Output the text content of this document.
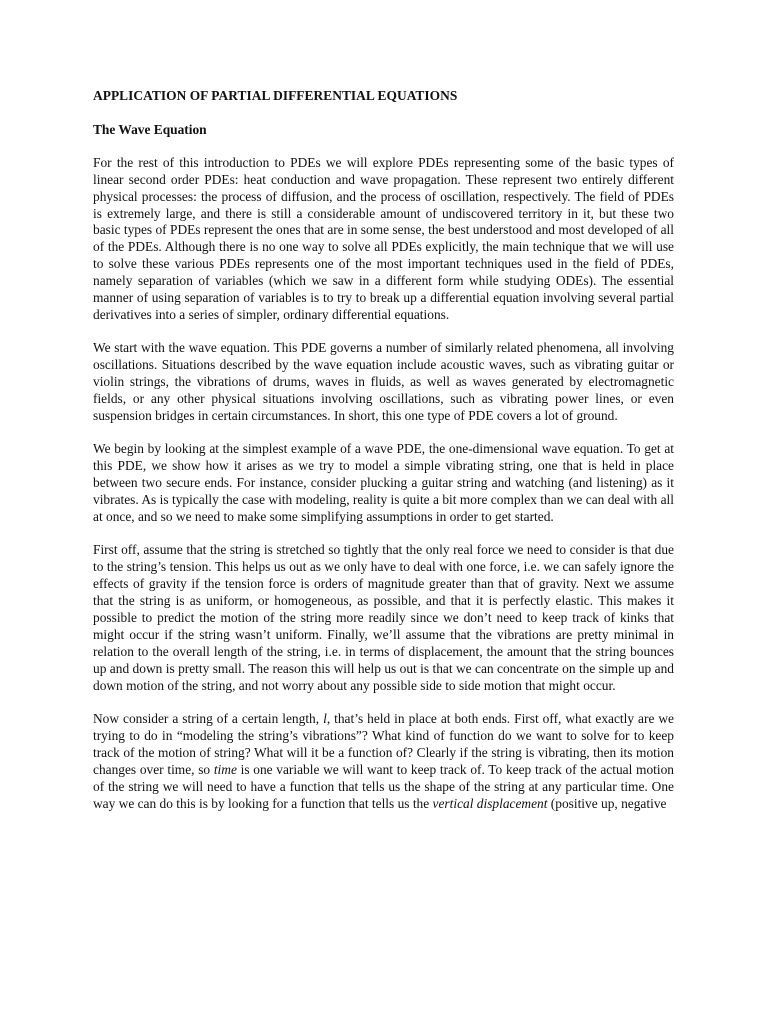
APPLICATION OF PARTIAL DIFFERENTIAL EQUATIONS
The Wave Equation

For the rest of this introduction to PDEs we will explore PDEs representing some of the basic types of linear second order PDEs: heat conduction and wave propagation. These represent two entirely different physical processes: the process of diffusion, and the process of oscillation, respectively. The field of PDEs is extremely large, and there is still a considerable amount of undiscovered territory in it, but these two basic types of PDEs represent the ones that are in some sense, the best understood and most developed of all of the PDEs. Although there is no one way to solve all PDEs explicitly, the main technique that we will use to solve these various PDEs represents one of the most important techniques used in the field of PDEs, namely separation of variables (which we saw in a different form while studying ODEs). The essential manner of using separation of variables is to try to break up a differential equation involving several partial derivatives into a series of simpler, ordinary differential equations.

We start with the wave equation. This PDE governs a number of similarly related phenomena, all involving oscillations. Situations described by the wave equation include acoustic waves, such as vibrating guitar or violin strings, the vibrations of drums, waves in fluids, as well as waves generated by electromagnetic fields, or any other physical situations involving oscillations, such as vibrating power lines, or even suspension bridges in certain circumstances. In short, this one type of PDE covers a lot of ground.

We begin by looking at the simplest example of a wave PDE, the one-dimensional wave equation. To get at this PDE, we show how it arises as we try to model a simple vibrating string, one that is held in place between two secure ends. For instance, consider plucking a guitar string and watching (and listening) as it vibrates. As is typically the case with modeling, reality is quite a bit more complex than we can deal with all at once, and so we need to make some simplifying assumptions in order to get started.

First off, assume that the string is stretched so tightly that the only real force we need to consider is that due to the string’s tension. This helps us out as we only have to deal with one force, i.e. we can safely ignore the effects of gravity if the tension force is orders of magnitude greater than that of gravity. Next we assume that the string is as uniform, or homogeneous, as possible, and that it is perfectly elastic. This makes it possible to predict the motion of the string more readily since we don’t need to keep track of kinks that might occur if the string wasn’t uniform. Finally, we’ll assume that the vibrations are pretty minimal in relation to the overall length of the string, i.e. in terms of displacement, the amount that the string bounces up and down is pretty small. The reason this will help us out is that we can concentrate on the simple up and down motion of the string, and not worry about any possible side to side motion that might occur.

Now consider a string of a certain length, l, that’s held in place at both ends. First off, what exactly are we trying to do in “modeling the string’s vibrations”? What kind of function do we want to solve for to keep track of the motion of string? What will it be a function of? Clearly if the string is vibrating, then its motion changes over time, so time is one variable we will want to keep track of. To keep track of the actual motion of the string we will need to have a function that tells us the shape of the string at any particular time. One way we can do this is by looking for a function that tells us the vertical displacement (positive up, negative
